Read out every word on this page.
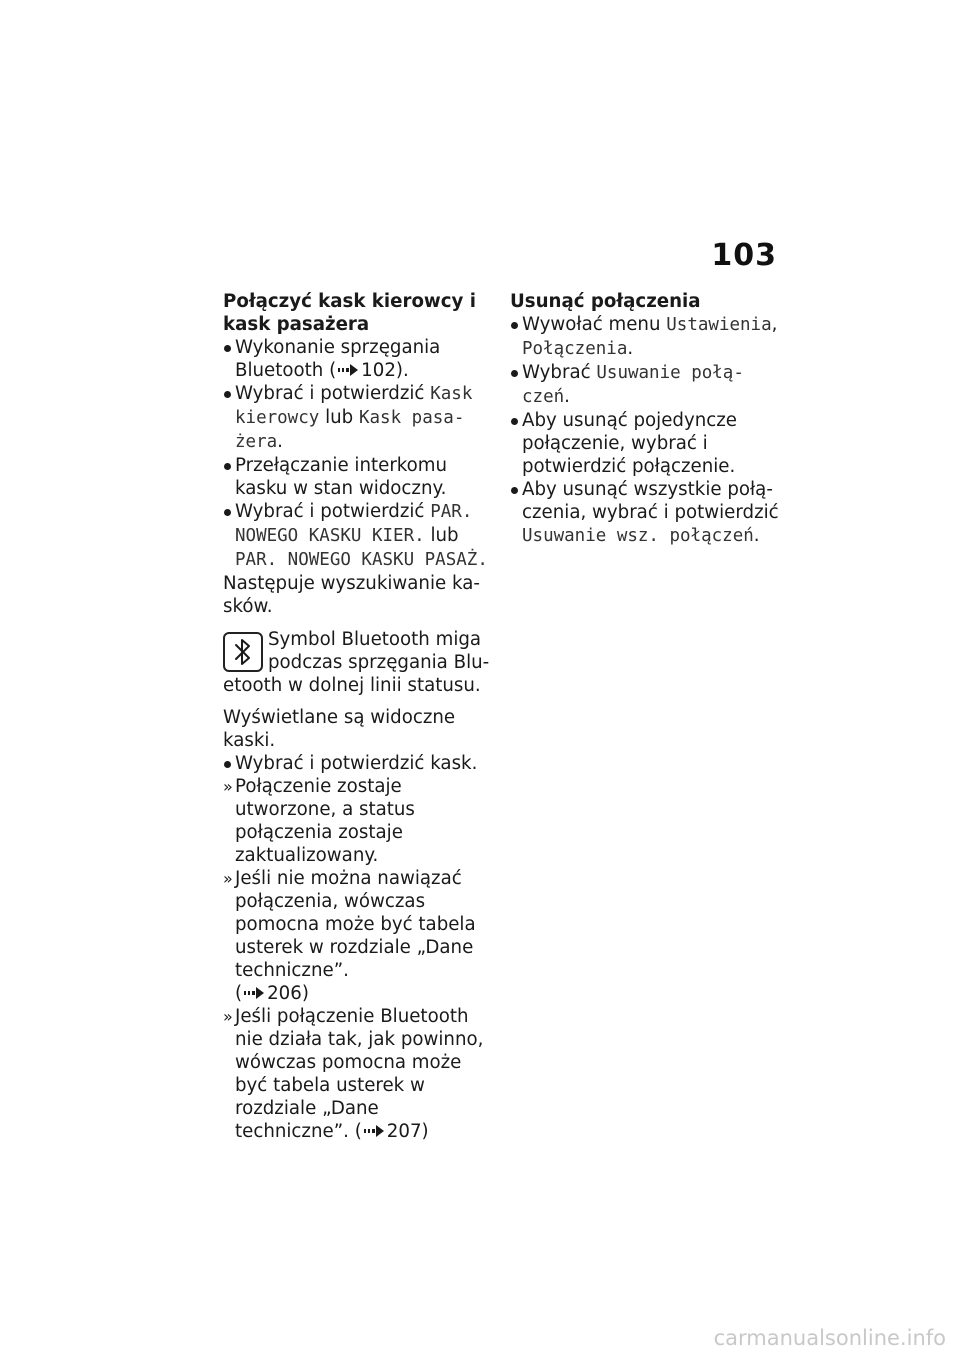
103
Połączyć kask kierowcy i kask pasażera
Wykonanie sprzęgania Bluetooth ( 102).
Wybrać i potwierdzić Kask kierowcy lub Kask pasażera.
Przełączanie interkomu kasku w stan widoczny.
Wybrać i potwierdzić PAR. NOWEGO KASKU KIER. lub PAR. NOWEGO KASKU PASAŻ.

Następuje wyszukiwanie kasków.

Symbol Bluetooth miga podczas sprzęgania Bluetooth w dolnej linii statusu.

Wyświetlane są widoczne kaski.

Wybrać i potwierdzić kask.
» Połączenie zostaje utworzone, a status połączenia zostaje zaktualizowany.
» Jeśli nie można nawiązać połączenia, wówczas pomocna może być tabela usterek w rozdziale „Dane techniczne”.
( 206)
» Jeśli połączenie Bluetooth nie działa tak, jak powinno, wówczas pomocna może być tabela usterek w rozdziale „Dane techniczne”. ( 207)
Usunąć połączenia
Wywołać menu Ustawienia, Połączenia.
Wybrać Usuwanie połączeń.
Aby usunąć pojedyncze połączenie, wybrać i potwierdzić połączenie.
Aby usunąć wszystkie połączenia, wybrać i potwierdzić Usuwanie wsz. połączeń.
carmanualsonline.info
